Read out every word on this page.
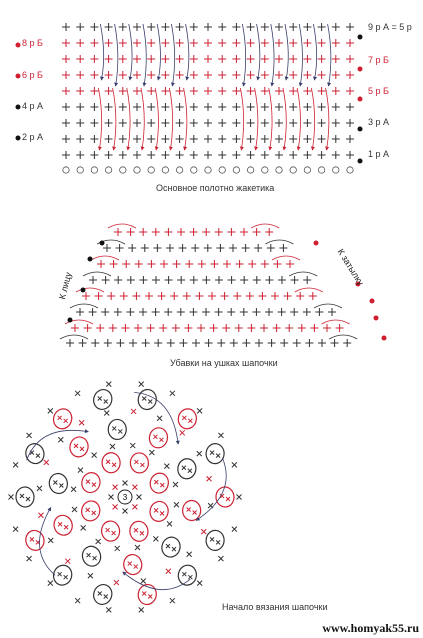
3
8 р Б
6 р Б
4 р А
2 р А
9 р А = 5 р
7 р Б
5 р Б
3 р А
1 р А
Основное полотно жакетика
К лицу	К затылку
Убавки на ушках шапочки
Начало вязания шапочки
www.homyak55.ru
